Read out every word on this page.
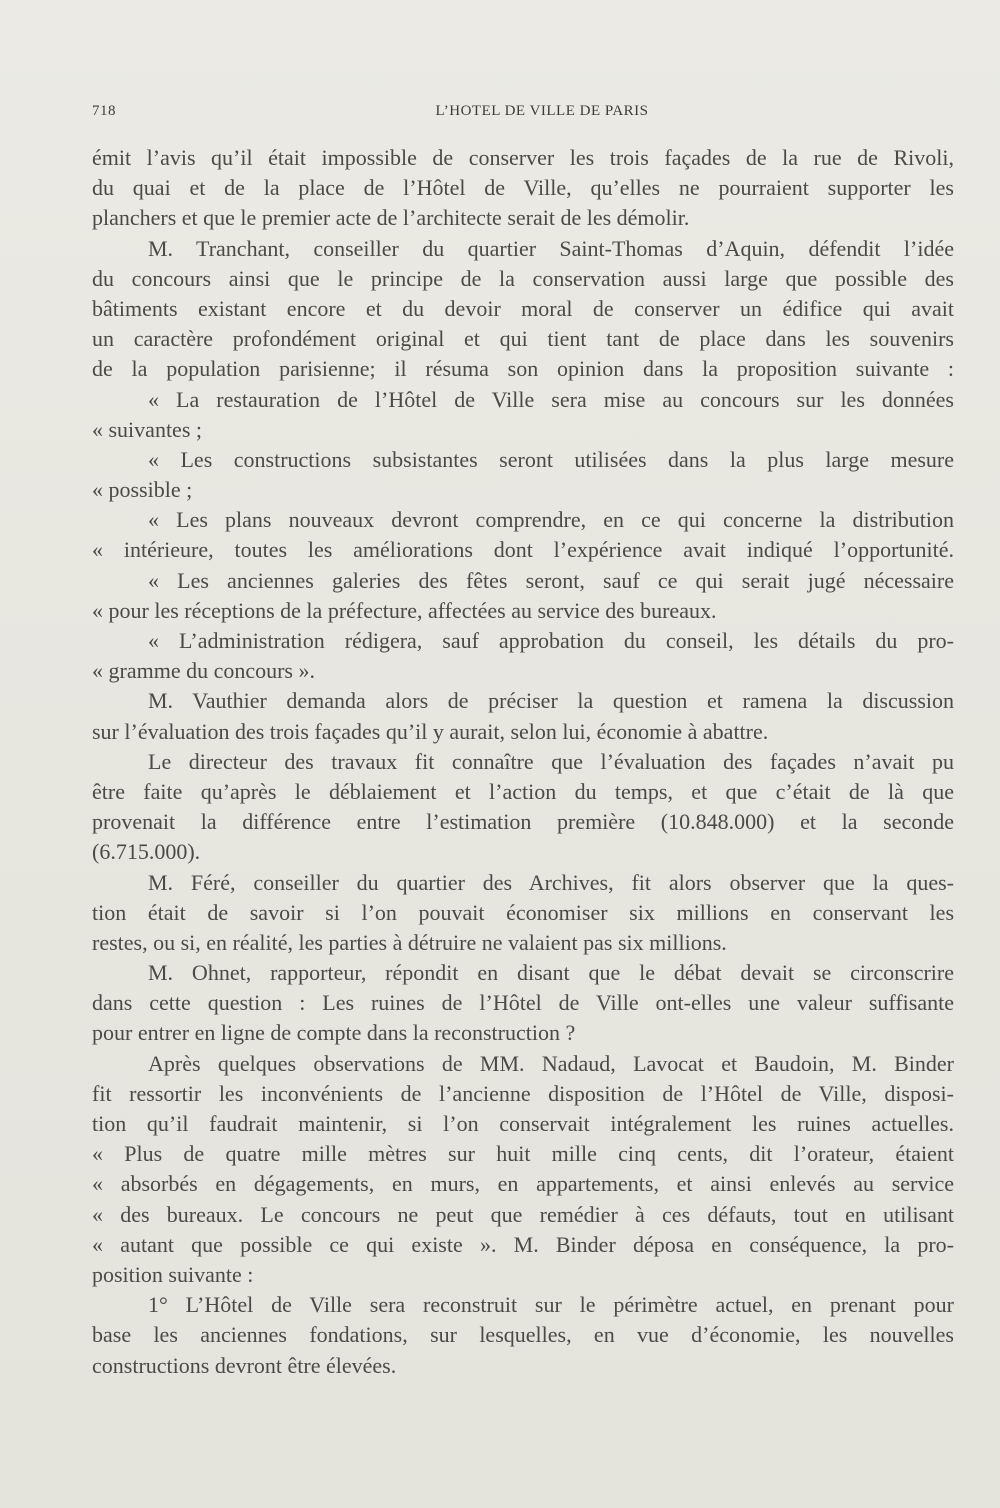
718	L’HOTEL DE VILLE DE PARIS
émit l’avis qu’il était impossible de conserver les trois façades de la rue de Rivoli,
du quai et de la place de l’Hôtel de Ville, qu’elles ne pourraient supporter les
planchers et que le premier acte de l’architecte serait de les démolir.
M. Tranchant, conseiller du quartier Saint-Thomas d’Aquin, défendit l’idée
du concours ainsi que le principe de la conservation aussi large que possible des
bâtiments existant encore et du devoir moral de conserver un édifice qui avait
un caractère profondément original et qui tient tant de place dans les souvenirs
de la population parisienne; il résuma son opinion dans la proposition suivante :
« La restauration de l’Hôtel de Ville sera mise au concours sur les données
« suivantes ;
« Les constructions subsistantes seront utilisées dans la plus large mesure
« possible ;
« Les plans nouveaux devront comprendre, en ce qui concerne la distribution
« intérieure, toutes les améliorations dont l’expérience avait indiqué l’opportunité.
« Les anciennes galeries des fêtes seront, sauf ce qui serait jugé nécessaire
« pour les réceptions de la préfecture, affectées au service des bureaux.
« L’administration rédigera, sauf approbation du conseil, les détails du pro-
« gramme du concours ».
M. Vauthier demanda alors de préciser la question et ramena la discussion
sur l’évaluation des trois façades qu’il y aurait, selon lui, économie à abattre.
Le directeur des travaux fit connaître que l’évaluation des façades n’avait pu
être faite qu’après le déblaiement et l’action du temps, et que c’était de là que
provenait la différence entre l’estimation première (10.848.000) et la seconde
(6.715.000).
M. Féré, conseiller du quartier des Archives, fit alors observer que la ques-
tion était de savoir si l’on pouvait économiser six millions en conservant les
restes, ou si, en réalité, les parties à détruire ne valaient pas six millions.
M. Ohnet, rapporteur, répondit en disant que le débat devait se circonscrire
dans cette question : Les ruines de l’Hôtel de Ville ont-elles une valeur suffisante
pour entrer en ligne de compte dans la reconstruction ?
Après quelques observations de MM. Nadaud, Lavocat et Baudoin, M. Binder
fit ressortir les inconvénients de l’ancienne disposition de l’Hôtel de Ville, disposi-
tion qu’il faudrait maintenir, si l’on conservait intégralement les ruines actuelles.
« Plus de quatre mille mètres sur huit mille cinq cents, dit l’orateur, étaient
« absorbés en dégagements, en murs, en appartements, et ainsi enlevés au service
« des bureaux. Le concours ne peut que remédier à ces défauts, tout en utilisant
« autant que possible ce qui existe ». M. Binder déposa en conséquence, la pro-
position suivante :
1° L’Hôtel de Ville sera reconstruit sur le périmètre actuel, en prenant pour
base les anciennes fondations, sur lesquelles, en vue d’économie, les nouvelles
constructions devront être élevées.
